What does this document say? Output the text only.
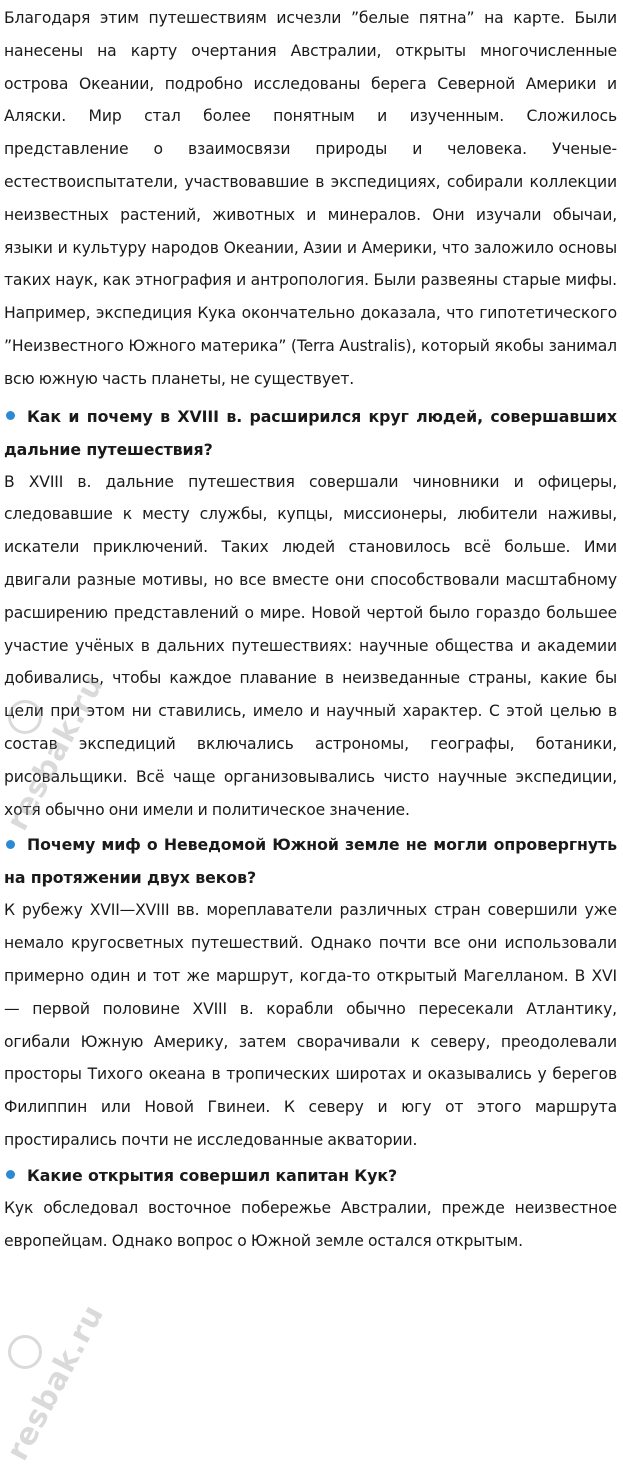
Благодаря этим путешествиям исчезли ”белые пятна” на карте. Были нанесены на карту очертания Австралии, открыты многочисленные острова Океании, подробно исследованы берега Северной Америки и Аляски. Мир стал более понятным и изученным. Сложилось представление о взаимосвязи природы и человека. Ученые-естествоиспытатели, участвовавшие в экспедициях, собирали коллекции неизвестных растений, животных и минералов. Они изучали обычаи, языки и культуру народов Океании, Азии и Америки, что заложило основы таких наук, как этнография и антропология. Были развеяны старые мифы. Например, экспедиция Кука окончательно доказала, что гипотетического ”Неизвестного Южного материка” (Terra Australis), который якобы занимал всю южную часть планеты, не существует.

Как и почему в XVIII в. расширился круг людей, совершавших дальние путешествия?

В XVIII в. дальние путешествия совершали чиновники и офицеры, следовавшие к месту службы, купцы, миссионеры, любители наживы, искатели приключений. Таких людей становилось всё больше. Ими двигали разные мотивы, но все вместе они способствовали масштабному расширению представлений о мире. Новой чертой было гораздо большее участие учёных в дальних путешествиях: научные общества и академии добивались, чтобы каждое плавание в неизведанные страны, какие бы цели при этом ни ставились, имело и научный характер. С этой целью в состав экспедиций включались астрономы, географы, ботаники, рисовальщики. Всё чаще организовывались чисто научные экспедиции, хотя обычно они имели и политическое значение.

Почему миф о Неведомой Южной земле не могли опровергнуть на протяжении двух веков?

К рубежу XVII—XVIII вв. мореплаватели различных стран совершили уже немало кругосветных путешествий. Однако почти все они использовали примерно один и тот же маршрут, когда-то открытый Магелланом. В XVI — первой половине XVIII в. корабли обычно пересекали Атлантику, огибали Южную Америку, затем сворачивали к северу, преодолевали просторы Тихого океана в тропических широтах и оказывались у берегов Филиппин или Новой Гвинеи. К северу и югу от этого маршрута простирались почти не исследованные акватории.

Какие открытия совершил капитан Кук?

Кук обследовал восточное побережье Австралии, прежде неизвестное европейцам. Однако вопрос о Южной земле остался открытым.

resbak.ru
resbak.ru
